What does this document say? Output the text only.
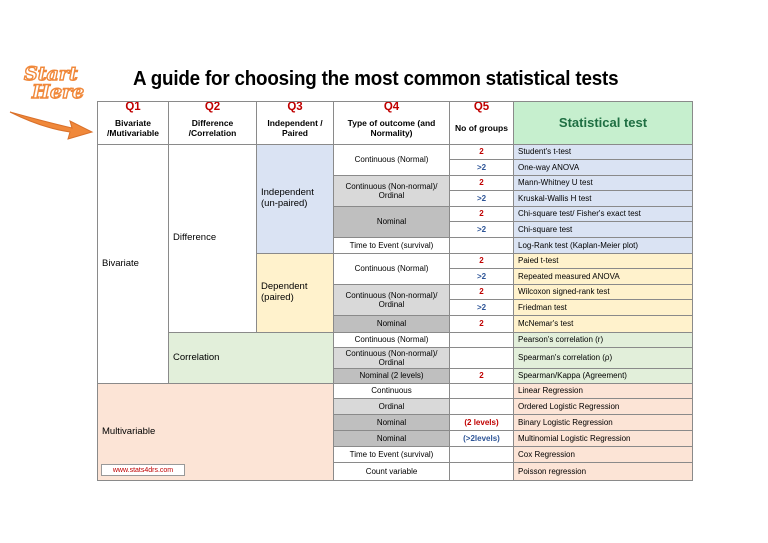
Start
Here
A guide for choosing the most common statistical tests
Q1
Bivariate /Mutivariable
Q2
Difference /Correlation
Q3
Independent / Paired
Q4
Type of outcome (and Normality)
Q5
No of groups	Statistical test
Bivariate
Multivariable
Difference
Correlation
Independent (un-paired)
Dependent (paired)
Continuous (Normal)
Continuous (Non-normal)/ Ordinal
Nominal
Time to Event (survival)
Continuous (Normal)
Continuous (Non-normal)/ Ordinal
Nominal
Continuous (Normal)
Continuous (Non-normal)/ Ordinal
Nominal (2 levels)
Continuous
Ordinal
Nominal
Nominal
Time to Event (survival)
Count variable
2
>2
2
>2
2
>2
2
>2
2
>2
2
2
(2 levels)
(>2levels)
Student's t-test
One-way ANOVA
Mann-Whitney U test
Kruskal-Wallis H test
Chi-square test/ Fisher's exact test
Chi-square test
Log-Rank test (Kaplan-Meier plot)
Paied t-test
Repeated measured ANOVA
Wilcoxon signed-rank test
Friedman test
McNemar's test
Pearson's correlation (r)
Spearman's correlation (ρ)
Spearman/Kappa (Agreement)
Linear Regression
Ordered Logistic Regression
Binary Logistic Regression
Multinomial Logistic Regression
Cox Regression
Poisson regression
www.stats4drs.com
